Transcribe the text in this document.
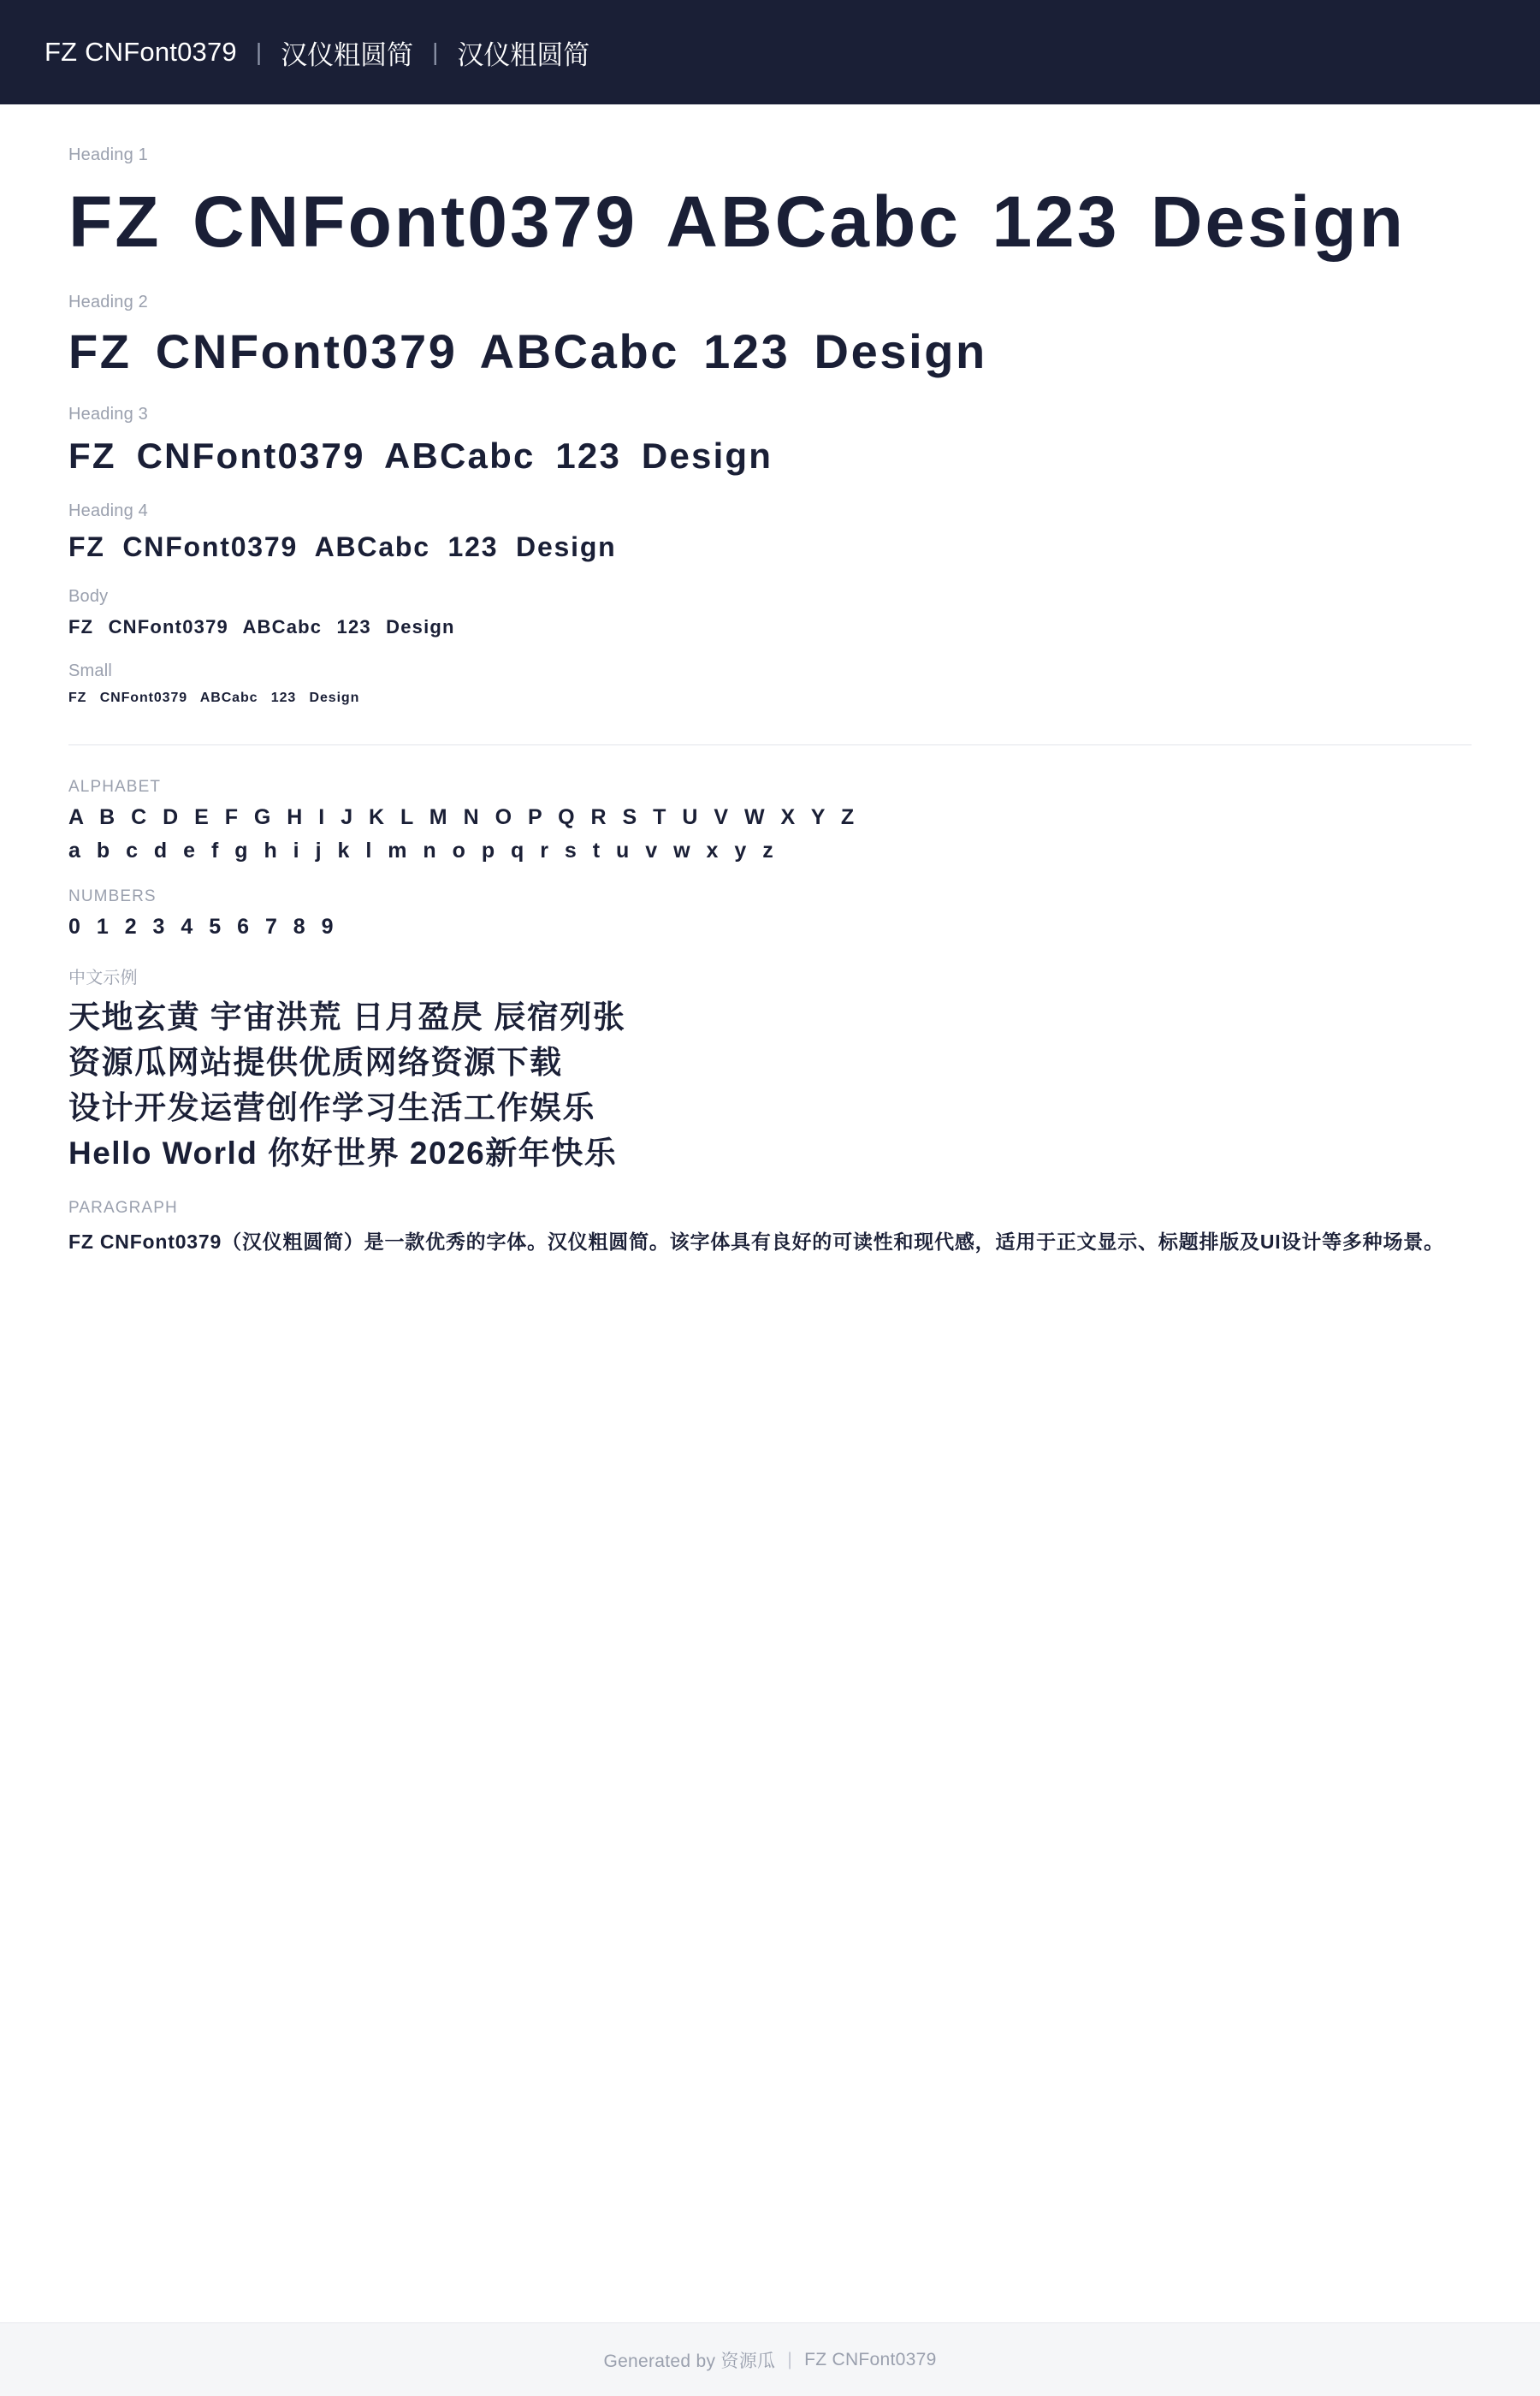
FZ CNFont0379 | 汉仪粗圆简 | 汉仪粗圆简
Heading 1
FZ CNFont0379 ABCabc 123 Design
Heading 2
FZ CNFont0379 ABCabc 123 Design
Heading 3
FZ CNFont0379 ABCabc 123 Design
Heading 4
FZ CNFont0379 ABCabc 123 Design
Body
FZ CNFont0379 ABCabc 123 Design
Small
FZ CNFont0379 ABCabc 123 Design
ALPHABET
A B C D E F G H I J K L M N O P Q R S T U V W X Y Z
a b c d e f g h i j k l m n o p q r s t u v w x y z
NUMBERS
0 1 2 3 4 5 6 7 8 9
中文示例
天地玄黄 宇宙洪荒 日月盈昃 辰宿列张
资源瓜网站提供优质网络资源下载
设计开发运营创作学习生活工作娱乐
Hello World 你好世界 2026新年快乐
PARAGRAPH
FZ CNFont0379（汉仪粗圆简）是一款优秀的字体。汉仪粗圆简。该字体具有良好的可读性和现代感，适用于正文显示、标题排版及UI设计等多种场景。
Generated by 资源瓜 | FZ CNFont0379
